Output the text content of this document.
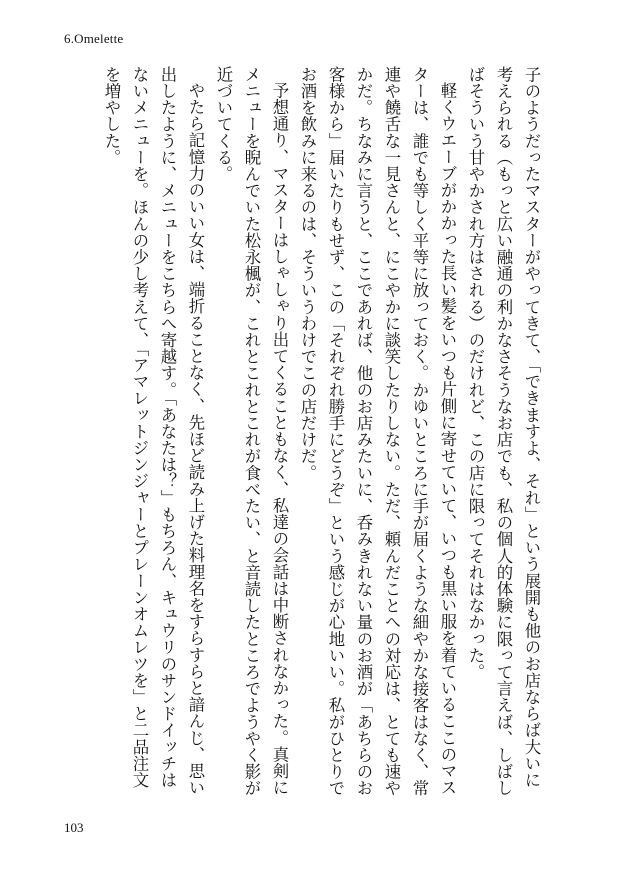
6.Omelette

子のようだったマスターがやってきて、「できますよ、それ」という展開も他のお店ならば大いに考えられる（もっと広い融通の利かなさそうなお店でも、私の個人的体験に限って言えば、しばしばそういう甘やかされ方はされる）のだけれど、この店に限ってそれはなかった。

軽くウエーブがかかった長い髪をいつも片側に寄せていて、いつも黒い服を着ているここのマスターは、誰でも等しく平等に放っておく。かゆいところに手が届くような細やかな接客はなく、常連や饒舌な一見さんと、にこやかに談笑したりしない。ただ、頼んだことへの対応は、とても速やかだ。ちなみに言うと、ここであれば、他のお店みたいに、呑みきれない量のお酒が「あちらのお客様から」届いたりもせず、この「それぞれ勝手にどうぞ」という感じが心地いい。私がひとりでお酒を飲みに来るのは、そういうわけでこの店だけだ。

予想通り、マスターはしゃしゃり出てくることもなく、私達の会話は中断されなかった。真剣にメニューを睨んでいた松永楓が、これとこれとこれが食べたい、と音読したところでようやく影が近づいてくる。

やたら記憶力のいい女は、端折ることなく、先ほど読み上げた料理名をすらすらと諳んじ、思い出したように、メニューをこちらへ寄越す。「あなたは？」もちろん、キュウリのサンドイッチはないメニューを。ほんの少し考えて、「アマレットジンジャーとプレーンオムレツを」と二品注文を増やした。

103
